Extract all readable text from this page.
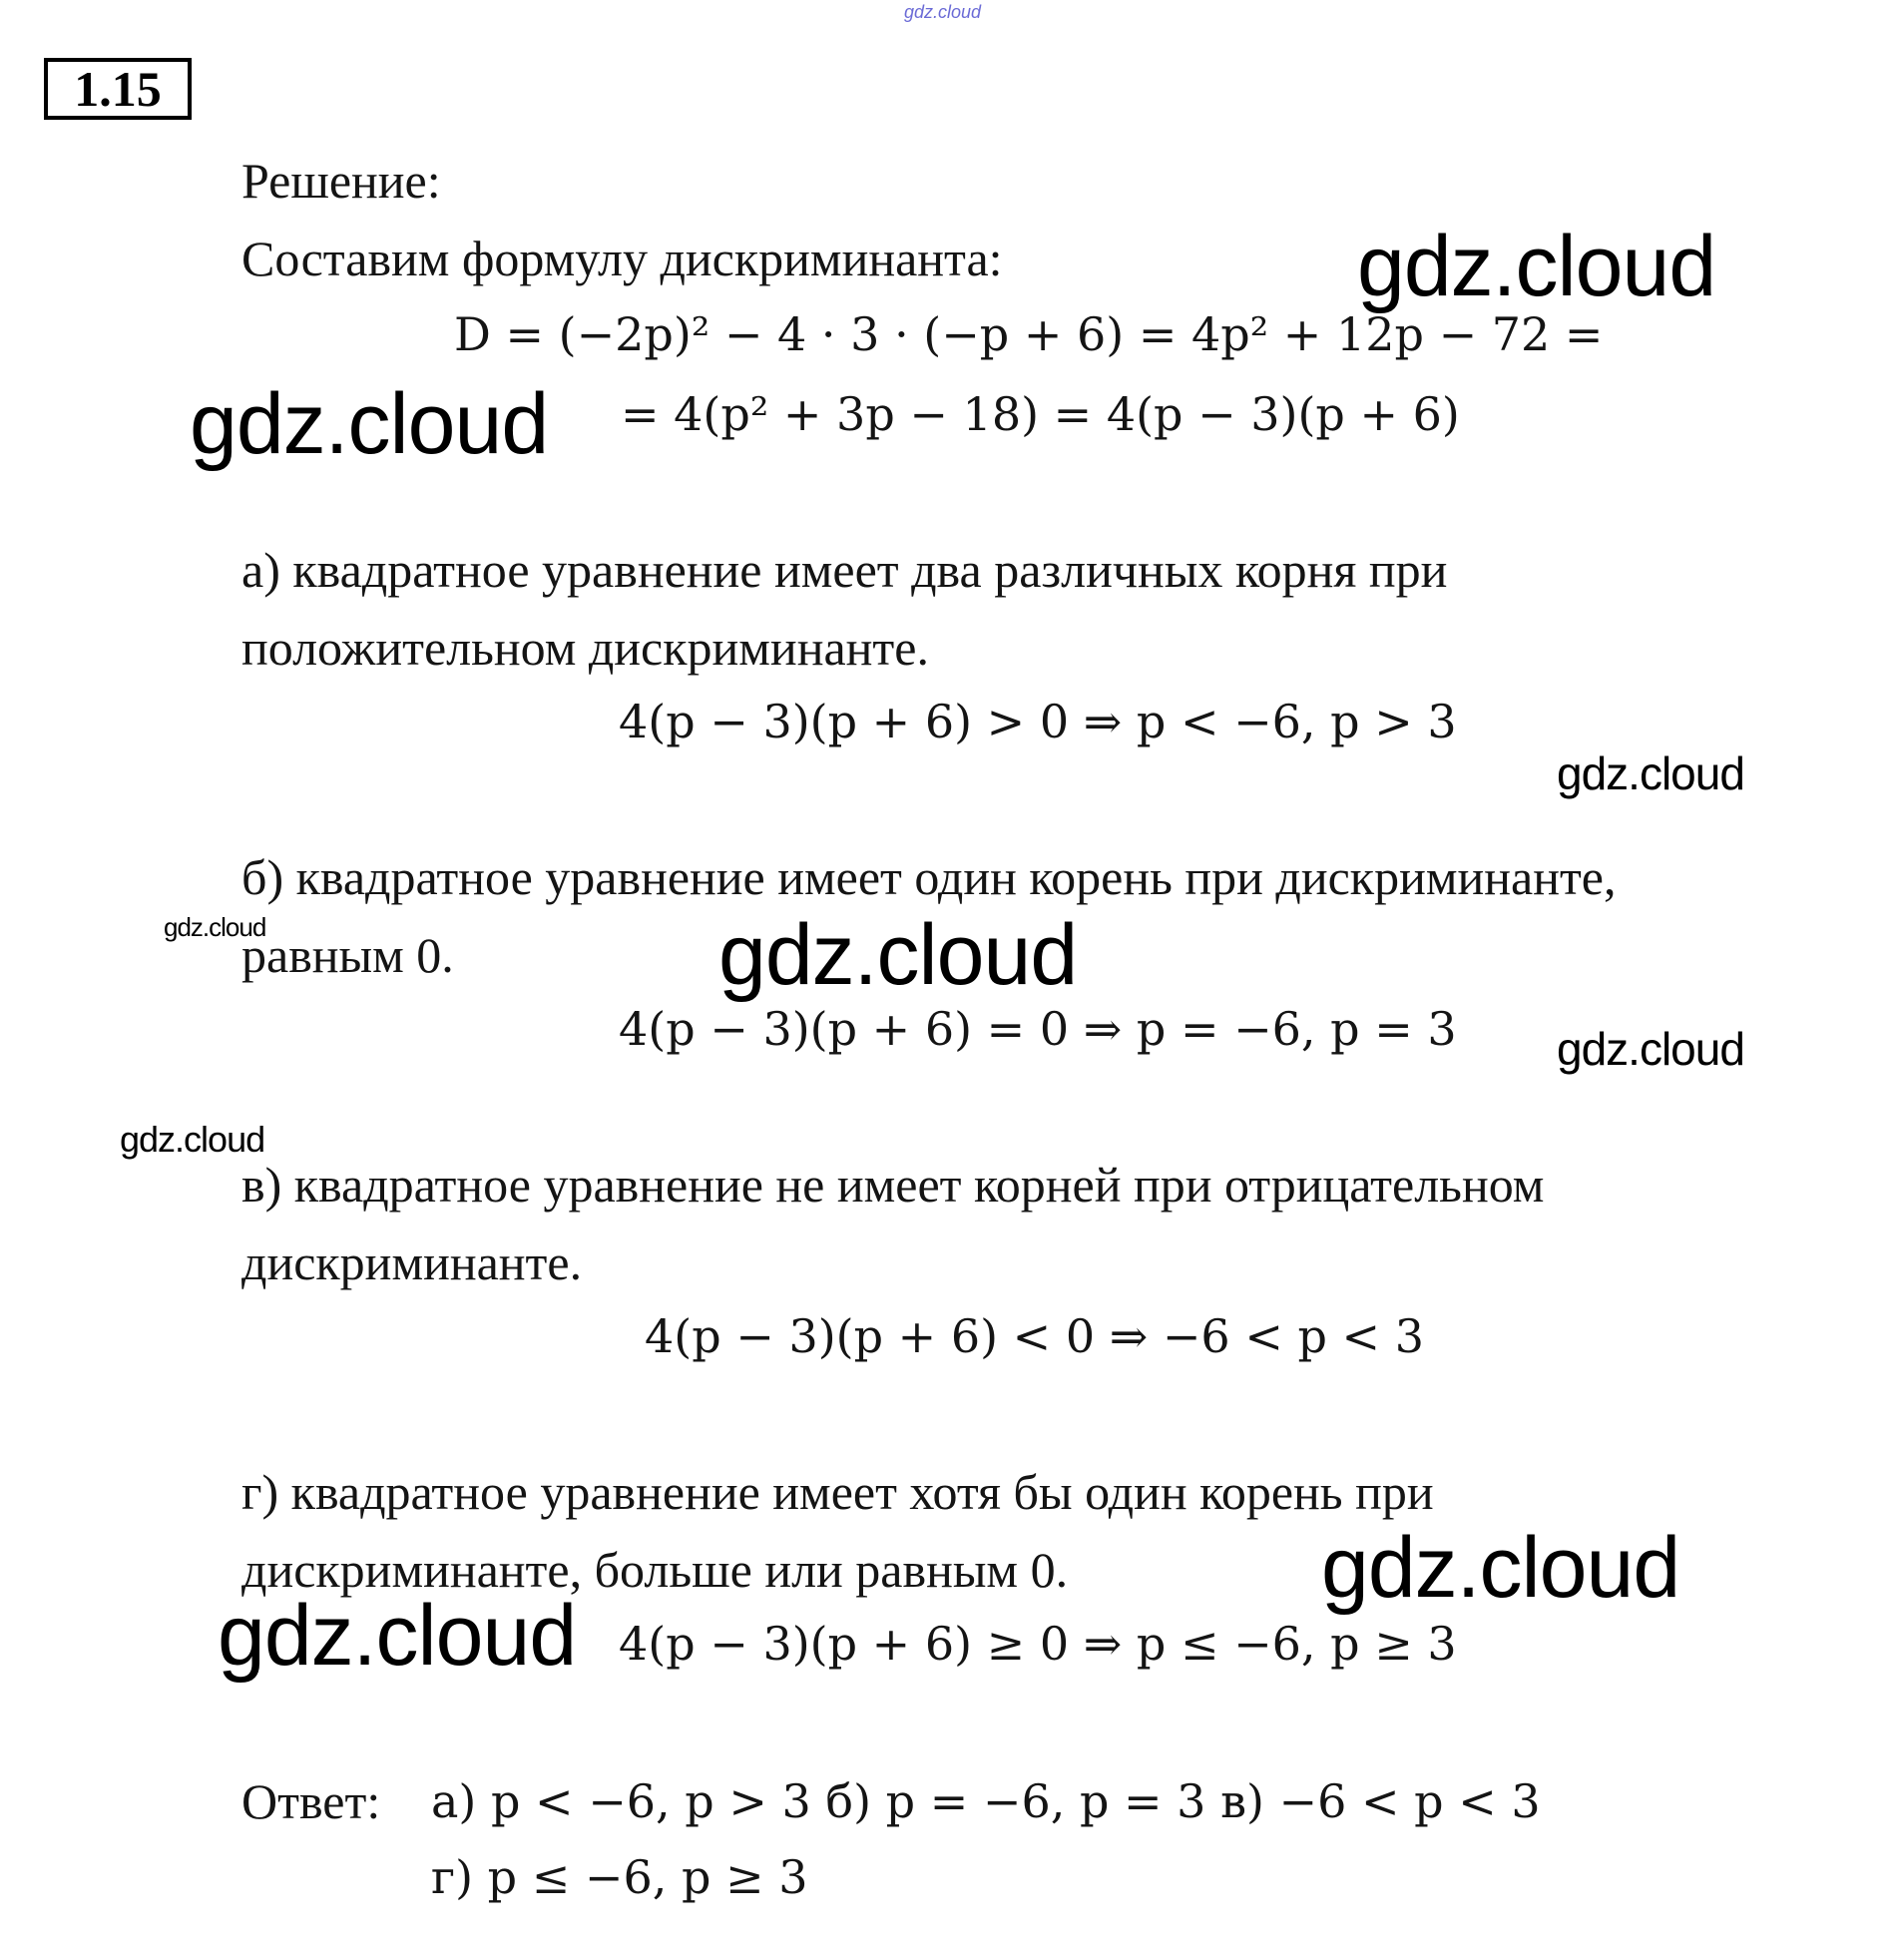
gdz.cloud
1.15
Решение:
Составим формулу дискриминанта:
D = (−2p)² − 4 · 3 · (−p + 6) = 4p² + 12p − 72 =
= 4(p² + 3p − 18) = 4(p − 3)(p + 6)
а) квадратное уравнение имеет два различных корня при
положительном дискриминанте.
4(p − 3)(p + 6) > 0 ⇒ p < −6, p > 3
б) квадратное уравнение имеет один корень при дискриминанте,
равным 0.
4(p − 3)(p + 6) = 0 ⇒ p = −6, p = 3
в) квадратное уравнение не имеет корней при отрицательном
дискриминанте.
4(p − 3)(p + 6) < 0 ⇒ −6 < p < 3
г) квадратное уравнение имеет хотя бы один корень при
дискриминанте, больше или равным 0.
4(p − 3)(p + 6) ≥ 0 ⇒ p ≤ −6, p ≥ 3
Ответ: а) p < −6, p > 3 б) p = −6, p = 3 в) −6 < p < 3
г) p ≤ −6, p ≥ 3
gdz.cloud
gdz.cloud
gdz.cloud
gdz.cloud	gdz.cloud
gdz.cloud
gdz.cloud
gdz.cloud
gdz.cloud
